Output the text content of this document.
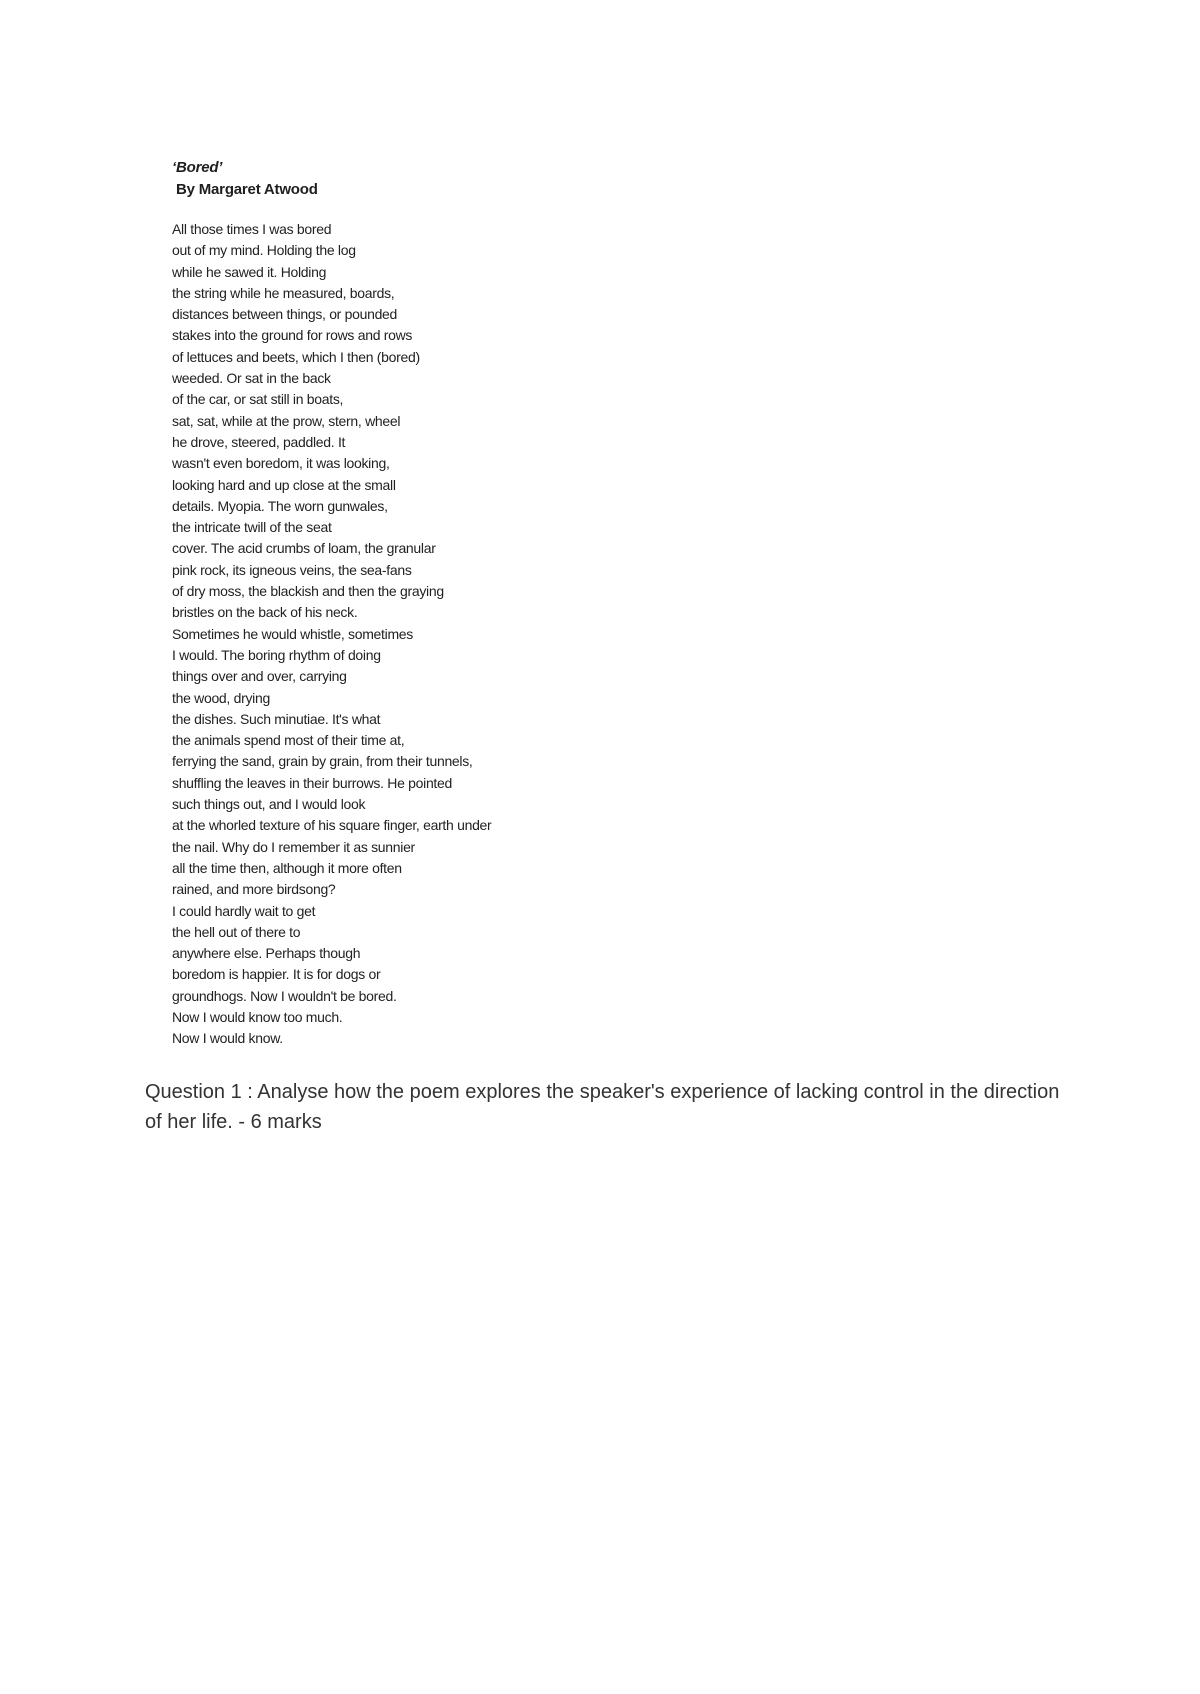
‘Bored’

By Margaret Atwood

All those times I was bored
out of my mind. Holding the log
while he sawed it. Holding
the string while he measured, boards,
distances between things, or pounded
stakes into the ground for rows and rows
of lettuces and beets, which I then (bored)
weeded. Or sat in the back
of the car, or sat still in boats,
sat, sat, while at the prow, stern, wheel
he drove, steered, paddled. It
wasn't even boredom, it was looking,
looking hard and up close at the small
details. Myopia. The worn gunwales,
the intricate twill of the seat
cover. The acid crumbs of loam, the granular
pink rock, its igneous veins, the sea-fans
of dry moss, the blackish and then the graying
bristles on the back of his neck.
Sometimes he would whistle, sometimes
I would. The boring rhythm of doing
things over and over, carrying
the wood, drying
the dishes. Such minutiae. It's what
the animals spend most of their time at,
ferrying the sand, grain by grain, from their tunnels,
shuffling the leaves in their burrows. He pointed
such things out, and I would look
at the whorled texture of his square finger, earth under
the nail. Why do I remember it as sunnier
all the time then, although it more often
rained, and more birdsong?
I could hardly wait to get
the hell out of there to
anywhere else. Perhaps though
boredom is happier. It is for dogs or
groundhogs. Now I wouldn't be bored.
Now I would know too much.
Now I would know.

Question 1 : Analyse how the poem explores the speaker's experience of lacking control in the direction of her life. - 6 marks
